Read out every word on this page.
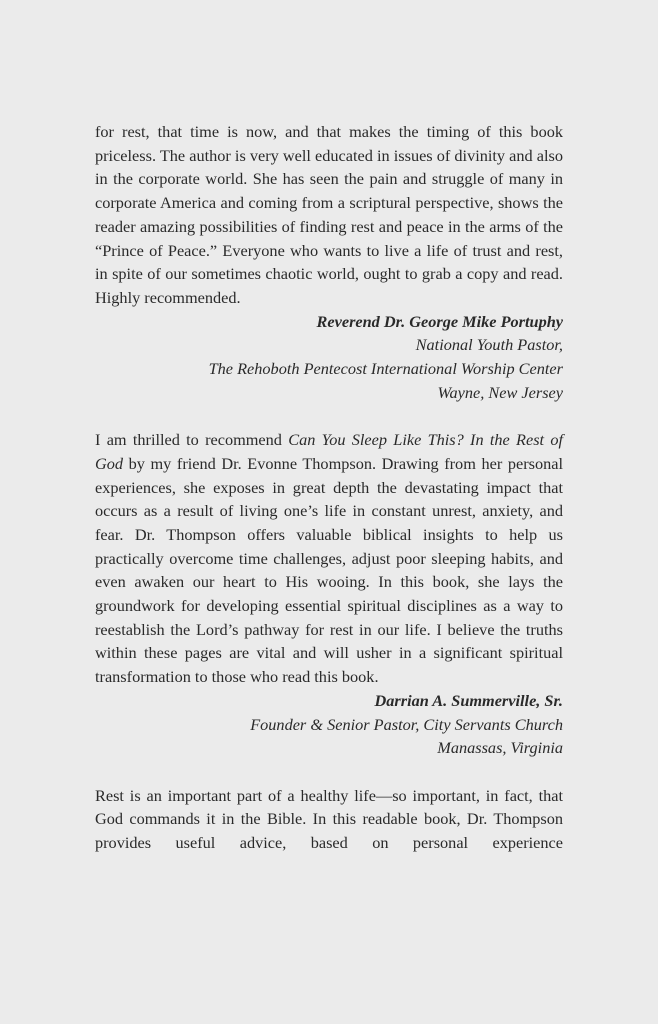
for rest, that time is now, and that makes the timing of this book priceless. The author is very well educated in issues of divinity and also in the corporate world. She has seen the pain and struggle of many in corporate America and coming from a scriptural perspective, shows the reader amazing possibilities of finding rest and peace in the arms of the “Prince of Peace.” Everyone who wants to live a life of trust and rest, in spite of our sometimes chaotic world, ought to grab a copy and read. Highly recommended.

Reverend Dr. George Mike Portuphy

National Youth Pastor,

The Rehoboth Pentecost International Worship Center

Wayne, New Jersey

I am thrilled to recommend Can You Sleep Like This? In the Rest of God by my friend Dr. Evonne Thompson. Drawing from her personal experiences, she exposes in great depth the devastating impact that occurs as a result of living one’s life in constant unrest, anxiety, and fear. Dr. Thompson offers valuable biblical insights to help us practically overcome time challenges, adjust poor sleeping habits, and even awaken our heart to His wooing. In this book, she lays the groundwork for developing essential spiritual disciplines as a way to reestablish the Lord’s pathway for rest in our life. I believe the truths within these pages are vital and will usher in a significant spiritual transformation to those who read this book.

Darrian A. Summerville, Sr.

Founder & Senior Pastor, City Servants Church

Manassas, Virginia

Rest is an important part of a healthy life—so important, in fact, that God commands it in the Bible. In this readable book, Dr. Thompson provides useful advice, based on personal experience
